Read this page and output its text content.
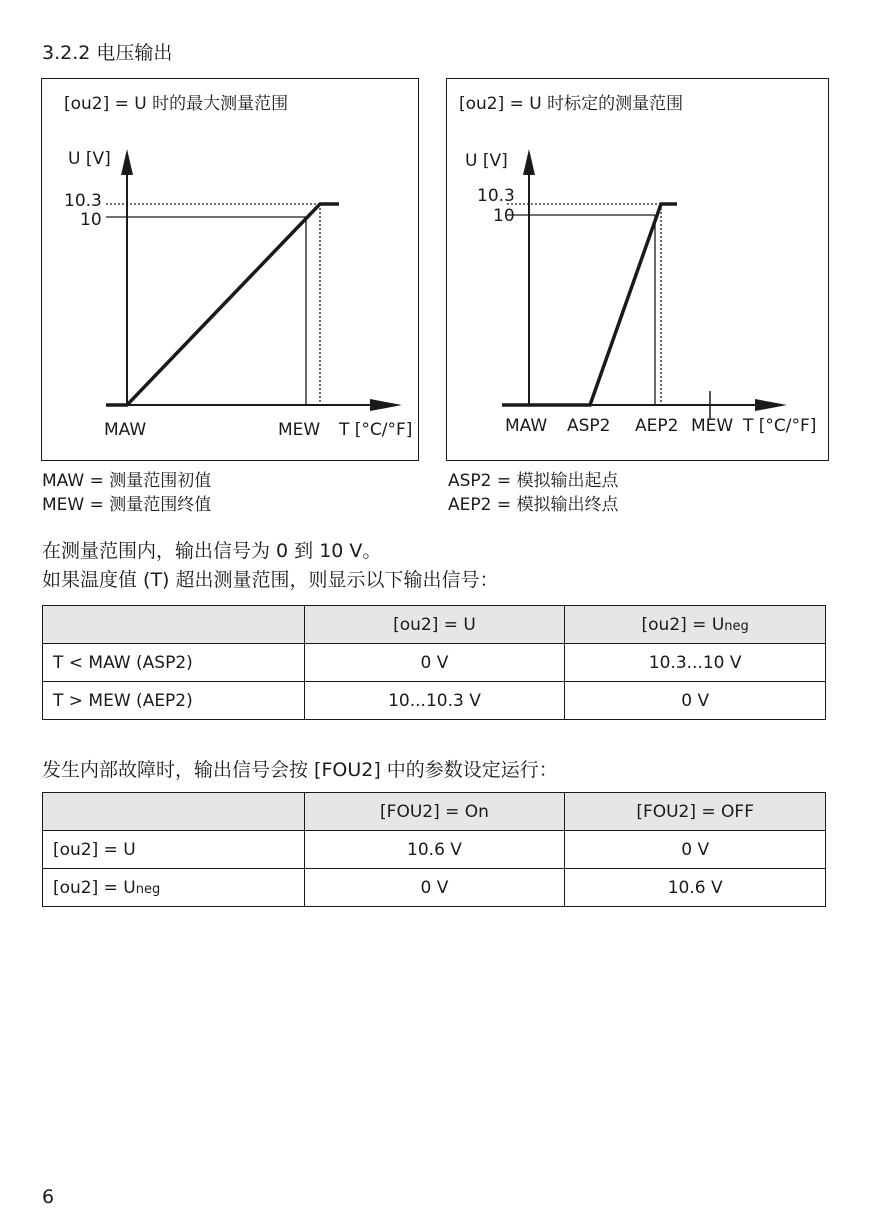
3.2.2 电压输出
[ou2] = U 时的最大测量范围
U [V]
10.3
10
MAW	MEW T [°C/°F]
[ou2] = U 时标定的测量范围
U [V]
10.3
10
MAW ASP2 AEP2 MEW T [°C/°F]
MAW = 测量范围初值
MEW = 测量范围终值
ASP2 = 模拟输出起点
AEP2 = 模拟输出终点
在测量范围内，输出信号为 0 到 10 V。
如果温度值 (T) 超出测量范围，则显示以下输出信号：
	[ou2] = U	[ou2] = Uneg
T < MAW (ASP2)	0 V	10.3...10 V
T > MEW (AEP2)	10...10.3 V	0 V
发生内部故障时，输出信号会按 [FOU2] 中的参数设定运行：
	[FOU2] = On	[FOU2] = OFF
[ou2] = U	10.6 V	0 V
[ou2] = Uneg	0 V	10.6 V
6
